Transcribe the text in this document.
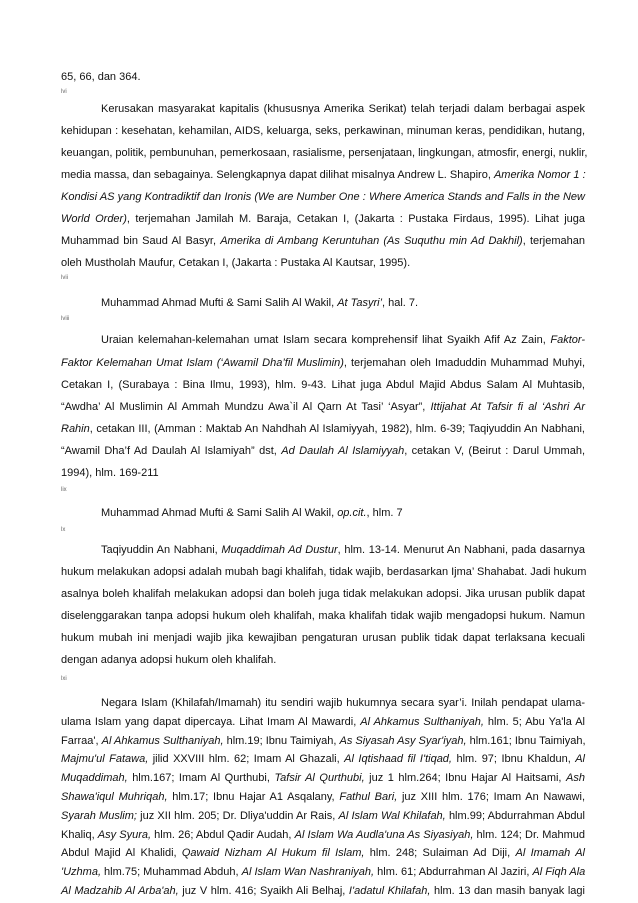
65, 66, dan 364.
lvi
Kerusakan masyarakat kapitalis (khususnya Amerika Serikat) telah terjadi dalam berbagai aspek
kehidupan : kesehatan, kehamilan, AIDS, keluarga, seks, perkawinan, minuman keras, pendidikan, hutang,
keuangan, politik, pembunuhan, pemerkosaan, rasialisme, persenjataan, lingkungan, atmosfir, energi, nuklir,
media massa, dan sebagainya. Selengkapnya dapat dilihat misalnya Andrew L. Shapiro, Amerika Nomor 1 :
Kondisi AS yang Kontradiktif dan Ironis (We are Number One : Where America Stands and Falls in the New
World Order), terjemahan Jamilah M. Baraja, Cetakan I, (Jakarta : Pustaka Firdaus, 1995). Lihat juga
Muhammad bin Saud Al Basyr, Amerika di Ambang Keruntuhan (As Suquthu min Ad Dakhil), terjemahan
oleh Mustholah Maufur, Cetakan I, (Jakarta : Pustaka Al Kautsar, 1995).
lvii
Muhammad Ahmad Mufti & Sami Salih Al Wakil, At Tasyri’, hal. 7.
lviii
Uraian kelemahan-kelemahan umat Islam secara komprehensif lihat Syaikh Afif Az Zain, Faktor-
Faktor Kelemahan Umat Islam (‘Awamil Dha’fil Muslimin), terjemahan oleh Imaduddin Muhammad Muhyi,
Cetakan I, (Surabaya : Bina Ilmu, 1993), hlm. 9-43. Lihat juga Abdul Majid Abdus Salam Al Muhtasib,
“Awdha’ Al Muslimin Al Ammah Mundzu Awa`il Al Qarn At Tasi’ ‘Asyar”, Ittijahat At Tafsir fi al ‘Ashri Ar
Rahin, cetakan III, (Amman : Maktab An Nahdhah Al Islamiyyah, 1982), hlm. 6-39; Taqiyuddin An Nabhani,
“Awamil Dha’f Ad Daulah Al Islamiyah” dst, Ad Daulah Al Islamiyyah, cetakan V, (Beirut : Darul Ummah,
1994), hlm. 169-211
lix
Muhammad Ahmad Mufti & Sami Salih Al Wakil, op.cit., hlm. 7
lx
Taqiyuddin An Nabhani, Muqaddimah Ad Dustur, hlm. 13-14. Menurut An Nabhani, pada dasarnya
hukum melakukan adopsi adalah mubah bagi khalifah, tidak wajib, berdasarkan Ijma’ Shahabat. Jadi hukum
asalnya boleh khalifah melakukan adopsi dan boleh juga tidak melakukan adopsi. Jika urusan publik dapat
diselenggarakan tanpa adopsi hukum oleh khalifah, maka khalifah tidak wajib mengadopsi hukum. Namun
hukum mubah ini menjadi wajib jika kewajiban pengaturan urusan publik tidak dapat terlaksana kecuali
dengan adanya adopsi hukum oleh khalifah.
lxi
Negara Islam (Khilafah/Imamah) itu sendiri wajib hukumnya secara syar’i. Inilah pendapat ulama-
ulama Islam yang dapat dipercaya. Lihat Imam Al Mawardi, Al Ahkamus Sulthaniyah, hlm. 5; Abu Ya'la Al
Farraa', Al Ahkamus Sulthaniyah, hlm.19; Ibnu Taimiyah, As Siyasah Asy Syar'iyah, hlm.161; Ibnu Taimiyah,
Majmu'ul Fatawa, jilid XXVIII hlm. 62; Imam Al Ghazali, Al Iqtishaad fil I'tiqad, hlm. 97; Ibnu Khaldun, Al
Muqaddimah, hlm.167; Imam Al Qurthubi, Tafsir Al Qurthubi, juz 1 hlm.264; Ibnu Hajar Al Haitsami, Ash
Shawa'iqul Muhriqah, hlm.17; Ibnu Hajar A1 Asqalany, Fathul Bari, juz XIII hlm. 176; Imam An Nawawi,
Syarah Muslim; juz XII hlm. 205; Dr. Dliya'uddin Ar Rais, Al Islam Wal Khilafah, hlm.99; Abdurrahman Abdul
Khaliq, Asy Syura, hlm. 26; Abdul Qadir Audah, Al Islam Wa Audla'una As Siyasiyah, hlm. 124; Dr. Mahmud
Abdul Majid Al Khalidi, Qawaid Nizham Al Hukum fil Islam, hlm. 248; Sulaiman Ad Diji, Al Imamah Al
'Uzhma, hlm.75; Muhammad Abduh, Al Islam Wan Nashraniyah, hlm. 61; Abdurrahman Al Jaziri, Al Fiqh Ala
Al Madzahib Al Arba'ah, juz V hlm. 416; Syaikh Ali Belhaj, I'adatul Khilafah, hlm. 13 dan masih banyak lagi
